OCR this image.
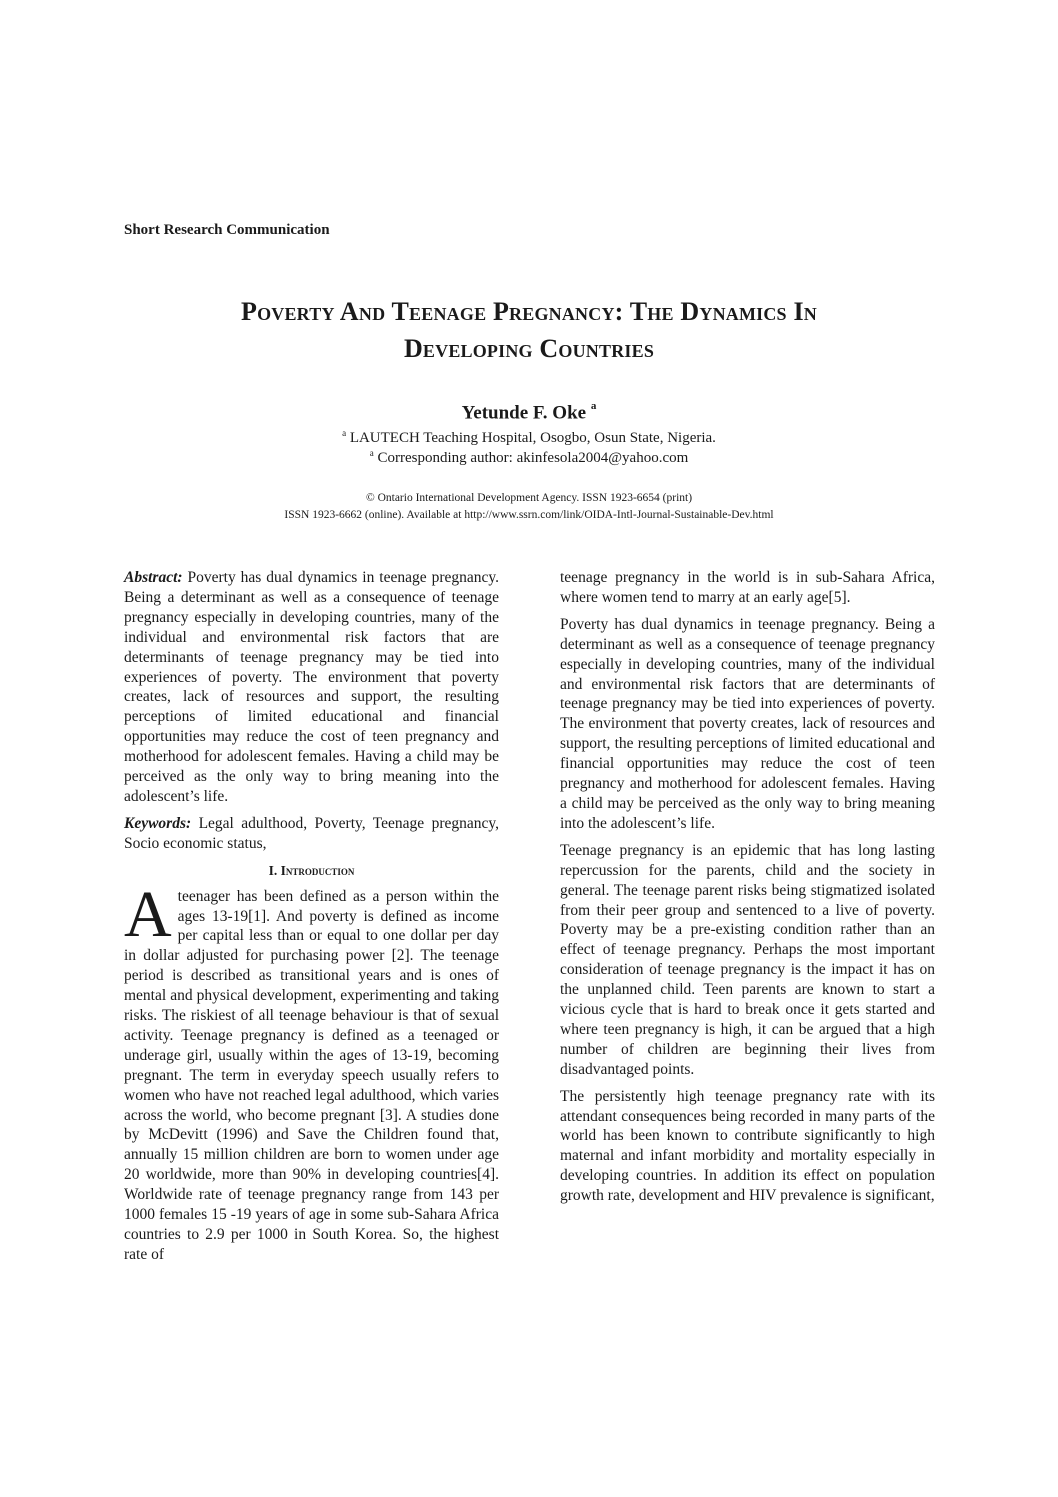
Short Research Communication
Poverty And Teenage Pregnancy: The Dynamics In
Developing Countries
Yetunde F. Oke $^a$
$^a$ LAUTECH Teaching Hospital, Osogbo, Osun State, Nigeria.
$^a$ Corresponding author: akinfesola2004@yahoo.com
© Ontario International Development Agency. ISSN 1923-6654 (print)
ISSN 1923-6662 (online). Available at http://www.ssrn.com/link/OIDA-Intl-Journal-Sustainable-Dev.html

Abstract: Poverty has dual dynamics in teenage pregnancy. Being a determinant as well as a consequence of teenage pregnancy especially in developing countries, many of the individual and environmental risk factors that are determinants of teenage pregnancy may be tied into experiences of poverty. The environment that poverty creates, lack of resources and support, the resulting perceptions of limited educational and financial opportunities may reduce the cost of teen pregnancy and motherhood for adolescent females. Having a child may be perceived as the only way to bring meaning into the adolescent’s life.

Keywords: Legal adulthood, Poverty, Teenage pregnancy, Socio economic status,

I. Introduction

Ateenager has been defined as a person within the ages 13-19[1]. And poverty is defined as income per capital less than or equal to one dollar per day in dollar adjusted for purchasing power [2]. The teenage period is described as transitional years and is ones of mental and physical development, experimenting and taking risks. The riskiest of all teenage behaviour is that of sexual activity. Teenage pregnancy is defined as a teenaged or underage girl, usually within the ages of 13-19, becoming pregnant. The term in everyday speech usually refers to women who have not reached legal adulthood, which varies across the world, who become pregnant [3]. A studies done by McDevitt (1996) and Save the Children found that, annually 15 million children are born to women under age 20 worldwide, more than 90% in developing countries[4]. Worldwide rate of teenage pregnancy range from 143 per 1000 females 15 -19 years of age in some sub-Sahara Africa countries to 2.9 per 1000 in South Korea. So, the highest rate of

teenage pregnancy in the world is in sub-Sahara Africa, where women tend to marry at an early age[5].

Poverty has dual dynamics in teenage pregnancy. Being a determinant as well as a consequence of teenage pregnancy especially in developing countries, many of the individual and environmental risk factors that are determinants of teenage pregnancy may be tied into experiences of poverty. The environment that poverty creates, lack of resources and support, the resulting perceptions of limited educational and financial opportunities may reduce the cost of teen pregnancy and motherhood for adolescent females. Having a child may be perceived as the only way to bring meaning into the adolescent’s life.

Teenage pregnancy is an epidemic that has long lasting repercussion for the parents, child and the society in general. The teenage parent risks being stigmatized isolated from their peer group and sentenced to a live of poverty. Poverty may be a pre-existing condition rather than an effect of teenage pregnancy. Perhaps the most important consideration of teenage pregnancy is the impact it has on the unplanned child. Teen parents are known to start a vicious cycle that is hard to break once it gets started and where teen pregnancy is high, it can be argued that a high number of children are beginning their lives from disadvantaged points.

The persistently high teenage pregnancy rate with its attendant consequences being recorded in many parts of the world has been known to contribute significantly to high maternal and infant morbidity and mortality especially in developing countries. In addition its effect on population growth rate, development and HIV prevalence is significant,
